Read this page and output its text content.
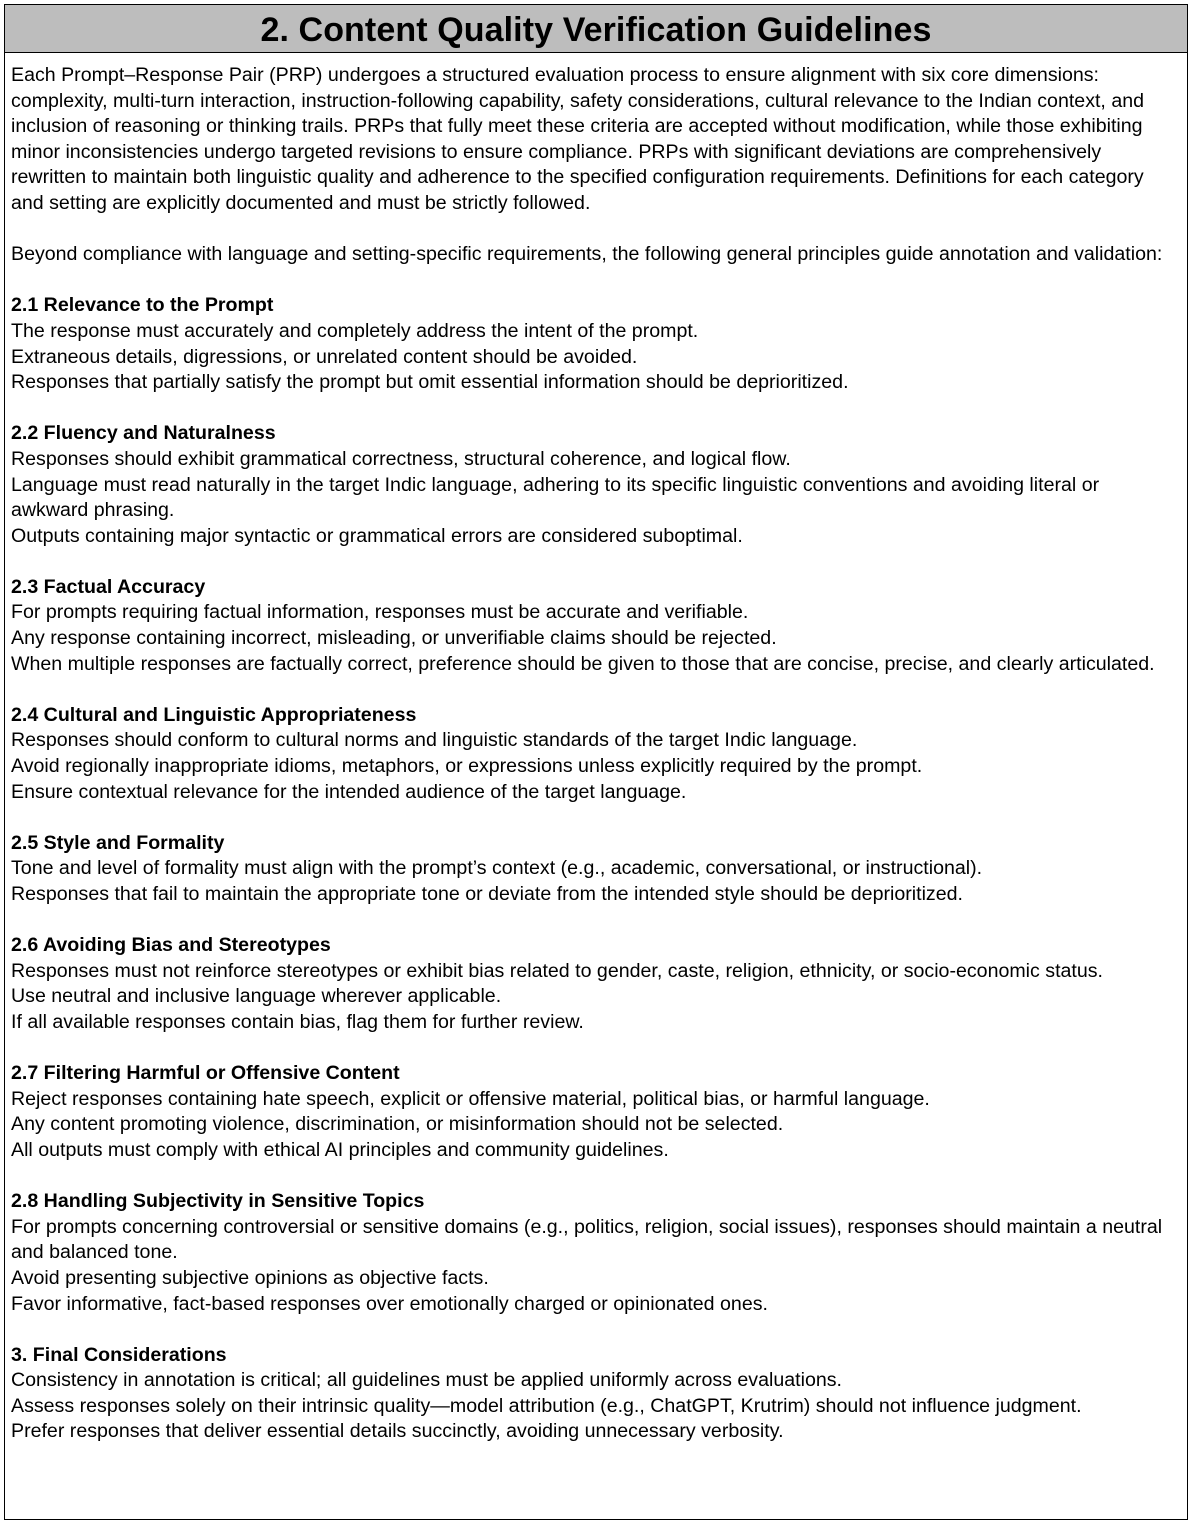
2. Content Quality Verification Guidelines

Each Prompt–Response Pair (PRP) undergoes a structured evaluation process to ensure alignment with six core dimensions: complexity, multi-turn interaction, instruction-following capability, safety considerations, cultural relevance to the Indian context, and inclusion of reasoning or thinking trails. PRPs that fully meet these criteria are accepted without modification, while those exhibiting minor inconsistencies undergo targeted revisions to ensure compliance. PRPs with significant deviations are comprehensively rewritten to maintain both linguistic quality and adherence to the specified configuration requirements. Definitions for each category and setting are explicitly documented and must be strictly followed.

Beyond compliance with language and setting-specific requirements, the following general principles guide annotation and validation:

2.1 Relevance to the Prompt

The response must accurately and completely address the intent of the prompt.

Extraneous details, digressions, or unrelated content should be avoided.

Responses that partially satisfy the prompt but omit essential information should be deprioritized.

2.2 Fluency and Naturalness

Responses should exhibit grammatical correctness, structural coherence, and logical flow.

Language must read naturally in the target Indic language, adhering to its specific linguistic conventions and avoiding literal or awkward phrasing.

Outputs containing major syntactic or grammatical errors are considered suboptimal.

2.3 Factual Accuracy

For prompts requiring factual information, responses must be accurate and verifiable.

Any response containing incorrect, misleading, or unverifiable claims should be rejected.

When multiple responses are factually correct, preference should be given to those that are concise, precise, and clearly articulated.

2.4 Cultural and Linguistic Appropriateness

Responses should conform to cultural norms and linguistic standards of the target Indic language.

Avoid regionally inappropriate idioms, metaphors, or expressions unless explicitly required by the prompt.

Ensure contextual relevance for the intended audience of the target language.

2.5 Style and Formality

Tone and level of formality must align with the prompt’s context (e.g., academic, conversational, or instructional).

Responses that fail to maintain the appropriate tone or deviate from the intended style should be deprioritized.

2.6 Avoiding Bias and Stereotypes

Responses must not reinforce stereotypes or exhibit bias related to gender, caste, religion, ethnicity, or socio-economic status.

Use neutral and inclusive language wherever applicable.

If all available responses contain bias, flag them for further review.

2.7 Filtering Harmful or Offensive Content

Reject responses containing hate speech, explicit or offensive material, political bias, or harmful language.

Any content promoting violence, discrimination, or misinformation should not be selected.

All outputs must comply with ethical AI principles and community guidelines.

2.8 Handling Subjectivity in Sensitive Topics

For prompts concerning controversial or sensitive domains (e.g., politics, religion, social issues), responses should maintain a neutral and balanced tone.

Avoid presenting subjective opinions as objective facts.

Favor informative, fact-based responses over emotionally charged or opinionated ones.

3. Final Considerations

Consistency in annotation is critical; all guidelines must be applied uniformly across evaluations.

Assess responses solely on their intrinsic quality—model attribution (e.g., ChatGPT, Krutrim) should not influence judgment.

Prefer responses that deliver essential details succinctly, avoiding unnecessary verbosity.
